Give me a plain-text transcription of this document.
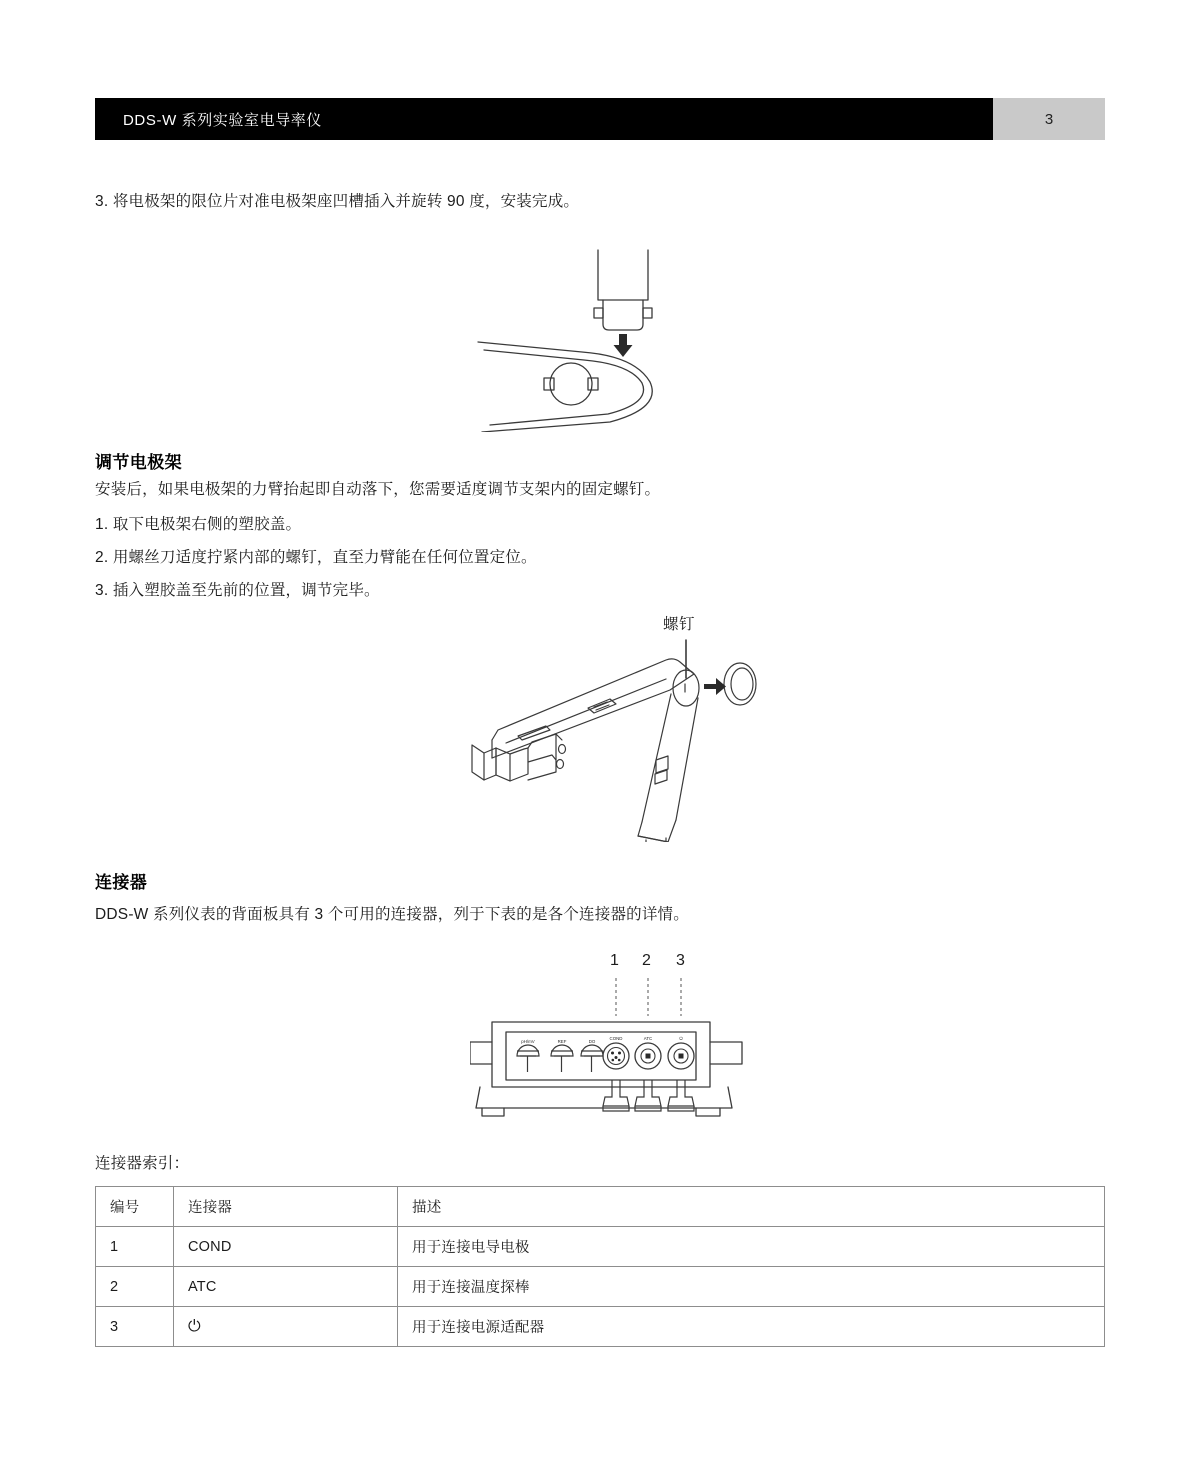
DDS-W 系列实验室电导率仪	3
3. 将电极架的限位片对准电极架座凹槽插入并旋转 90 度，安装完成。
调节电极架
安装后，如果电极架的力臂抬起即自动落下，您需要适度调节支架内的固定螺钉。
1. 取下电极架右侧的塑胶盖。
2. 用螺丝刀适度拧紧内部的螺钉，直至力臂能在任何位置定位。
3. 插入塑胶盖至先前的位置，调节完毕。
螺钉
连接器
DDS-W 系列仪表的背面板具有 3 个可用的连接器，列于下表的是各个连接器的详情。
1 2 3
pH/mV	REF	DO
COND	ATC	⏻
连接器索引：
编号	连接器	描述
1	COND	用于连接电导电极
2	ATC	用于连接温度探棒
3	⏻	用于连接电源适配器
